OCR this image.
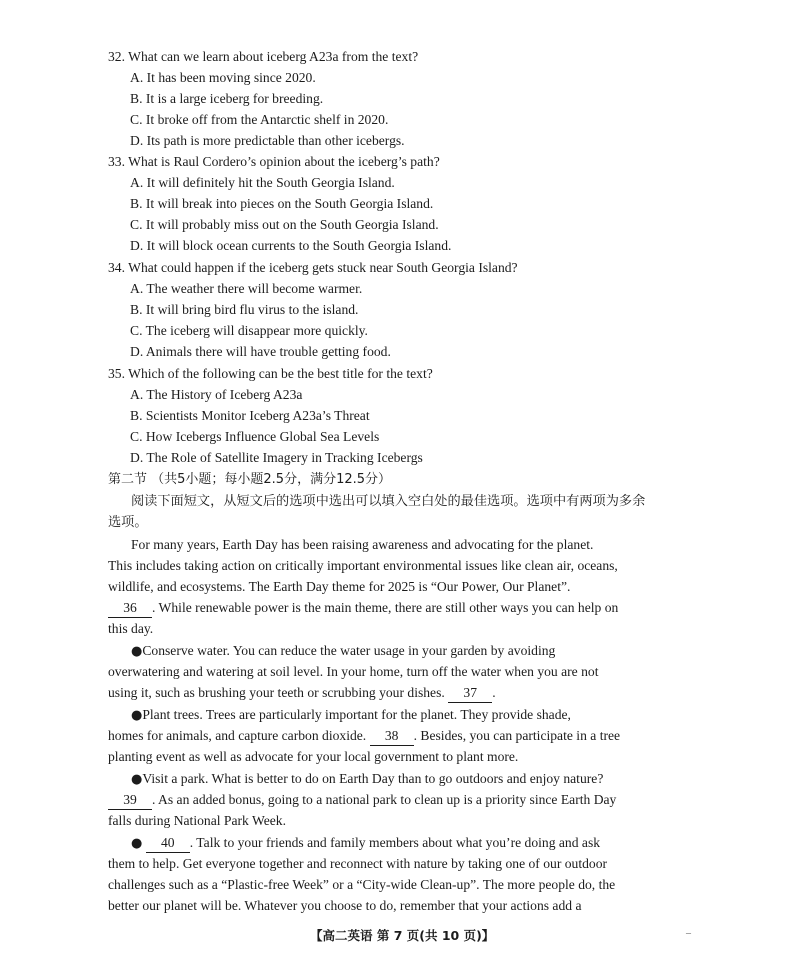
32. What can we learn about iceberg A23a from the text?
A. It has been moving since 2020.
B. It is a large iceberg for breeding.
C. It broke off from the Antarctic shelf in 2020.
D. Its path is more predictable than other icebergs.
33. What is Raul Cordero’s opinion about the iceberg’s path?
A. It will definitely hit the South Georgia Island.
B. It will break into pieces on the South Georgia Island.
C. It will probably miss out on the South Georgia Island.
D. It will block ocean currents to the South Georgia Island.
34. What could happen if the iceberg gets stuck near South Georgia Island?
A. The weather there will become warmer.
B. It will bring bird flu virus to the island.
C. The iceberg will disappear more quickly.
D. Animals there will have trouble getting food.
35. Which of the following can be the best title for the text?
A. The History of Iceberg A23a
B. Scientists Monitor Iceberg A23a’s Threat
C. How Icebergs Influence Global Sea Levels
D. The Role of Satellite Imagery in Tracking Icebergs
第二节 （共5小题；每小题2.5分，满分12.5分）
阅读下面短文，从短文后的选项中选出可以填入空白处的最佳选项。选项中有两项为多余
选项。
For many years, Earth Day has been raising awareness and advocating for the planet.
This includes taking action on critically important environmental issues like clean air, oceans,
wildlife, and ecosystems. The Earth Day theme for 2025 is “Our Power, Our Planet”.
36 . While renewable power is the main theme, there are still other ways you can help on
this day.
●Conserve water. You can reduce the water usage in your garden by avoiding
overwatering and watering at soil level. In your home, turn off the water when you are not
using it, such as brushing your teeth or scrubbing your dishes. 37 .
●Plant trees. Trees are particularly important for the planet. They provide shade,
homes for animals, and capture carbon dioxide. 38 . Besides, you can participate in a tree
planting event as well as advocate for your local government to plant more.
●Visit a park. What is better to do on Earth Day than to go outdoors and enjoy nature?
39 . As an added bonus, going to a national park to clean up is a priority since Earth Day
falls during National Park Week.
● 40 . Talk to your friends and family members about what you’re doing and ask
them to help. Get everyone together and reconnect with nature by taking one of our outdoor
challenges such as a “Plastic-free Week” or a “City-wide Clean-up”. The more people do, the
better our planet will be. Whatever you choose to do, remember that your actions add a
【高二英语 第 7 页(共 10 页)】	–
